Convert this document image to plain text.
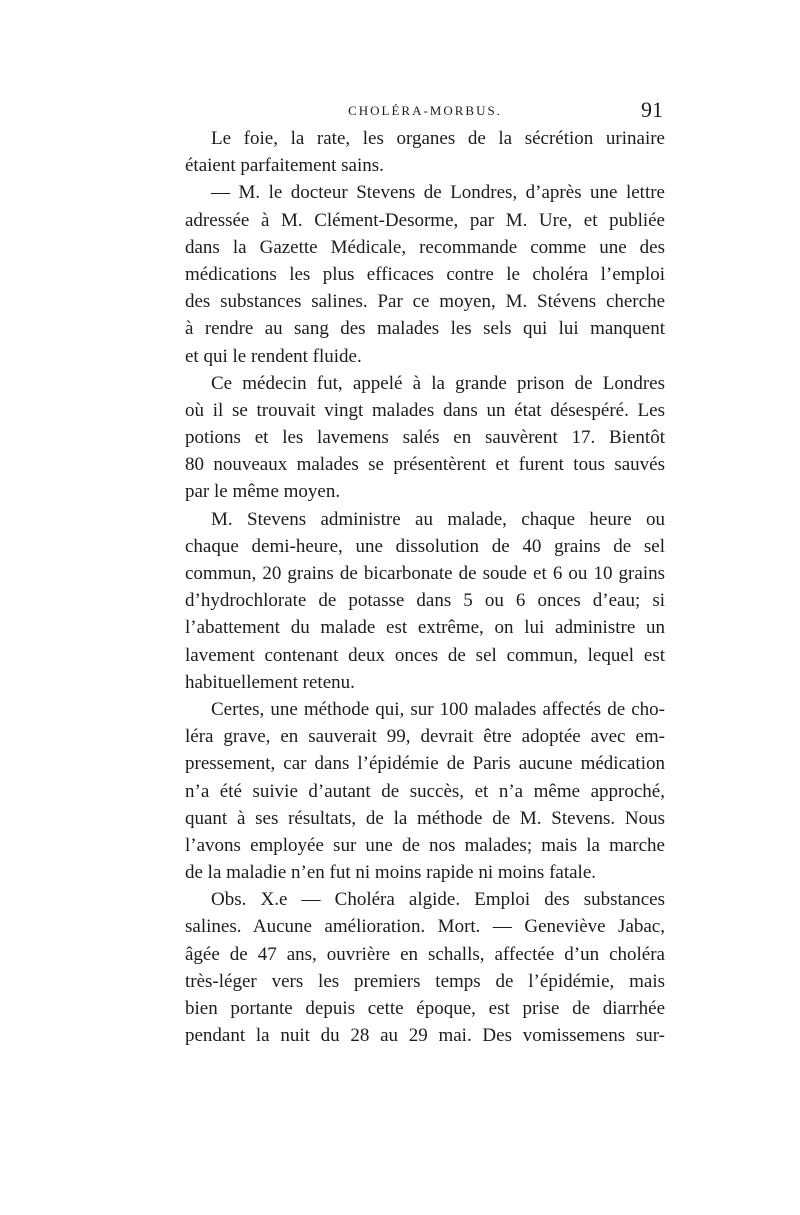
CHOLÉRA-MORBUS.	91
Le foie, la rate, les organes de la sécrétion urinaire
étaient parfaitement sains.
— M. le docteur Stevens de Londres, d’après une lettre
adressée à M. Clément-Desorme, par M. Ure, et publiée
dans la Gazette Médicale, recommande comme une des
médications les plus efficaces contre le choléra l’emploi
des substances salines. Par ce moyen, M. Stévens cherche
à rendre au sang des malades les sels qui lui manquent
et qui le rendent fluide.
Ce médecin fut, appelé à la grande prison de Londres
où il se trouvait vingt malades dans un état désespéré. Les
potions et les lavemens salés en sauvèrent 17. Bientôt
80 nouveaux malades se présentèrent et furent tous sauvés
par le même moyen.
M. Stevens administre au malade, chaque heure ou
chaque demi-heure, une dissolution de 40 grains de sel
commun, 20 grains de bicarbonate de soude et 6 ou 10 grains
d’hydrochlorate de potasse dans 5 ou 6 onces d’eau; si
l’abattement du malade est extrême, on lui administre un
lavement contenant deux onces de sel commun, lequel est
habituellement retenu.
Certes, une méthode qui, sur 100 malades affectés de cho-
léra grave, en sauverait 99, devrait être adoptée avec em-
pressement, car dans l’épidémie de Paris aucune médication
n’a été suivie d’autant de succès, et n’a même approché,
quant à ses résultats, de la méthode de M. Stevens. Nous
l’avons employée sur une de nos malades; mais la marche
de la maladie n’en fut ni moins rapide ni moins fatale.
Obs. X.e — Choléra algide. Emploi des substances
salines. Aucune amélioration. Mort. — Geneviève Jabac,
âgée de 47 ans, ouvrière en schalls, affectée d’un choléra
très-léger vers les premiers temps de l’épidémie, mais
bien portante depuis cette époque, est prise de diarrhée
pendant la nuit du 28 au 29 mai. Des vomissemens sur-
